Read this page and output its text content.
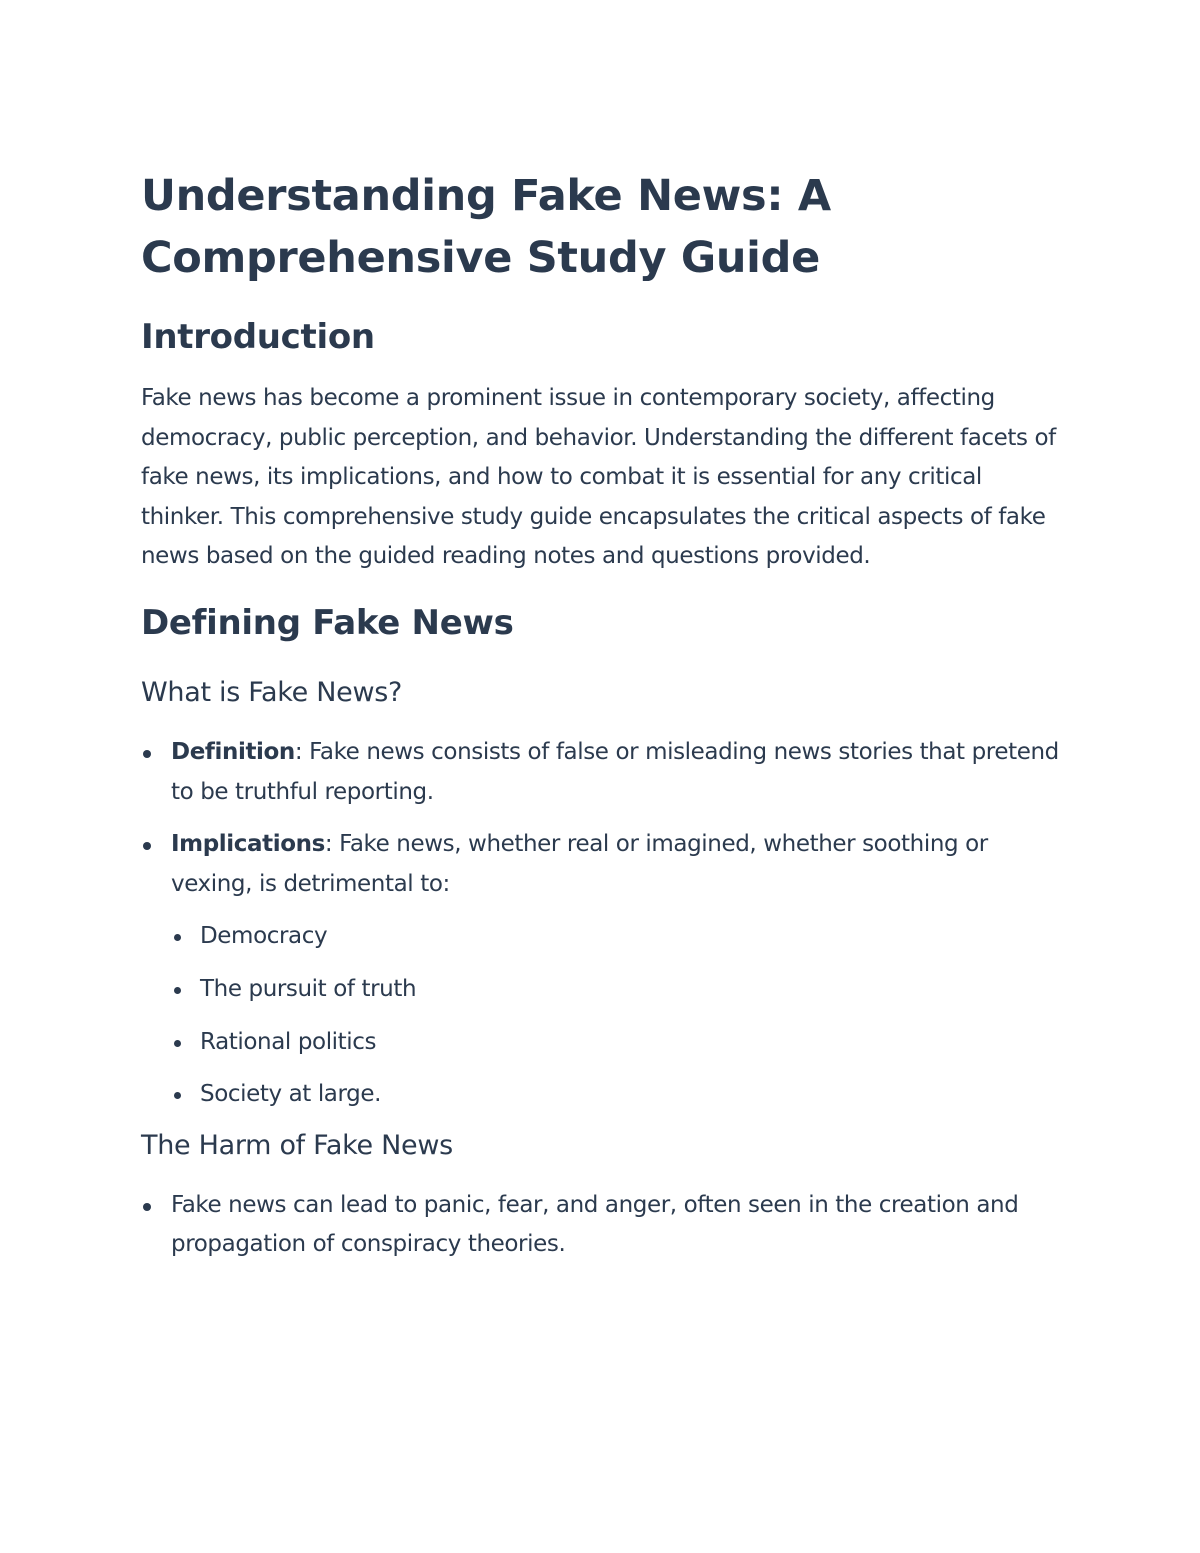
Understanding Fake News: A Comprehensive Study Guide
Introduction

Fake news has become a prominent issue in contemporary society, affecting democracy, public perception, and behavior. Understanding the different facets of fake news, its implications, and how to combat it is essential for any critical thinker. This comprehensive study guide encapsulates the critical aspects of fake news based on the guided reading notes and questions provided.

Defining Fake News
What is Fake News?
Definition: Fake news consists of false or misleading news stories that pretend to be truthful reporting.
Implications: Fake news, whether real or imagined, whether soothing or vexing, is detrimental to:
Democracy
The pursuit of truth
Rational politics
Society at large.
The Harm of Fake News
Fake news can lead to panic, fear, and anger, often seen in the creation and propagation of conspiracy theories.
